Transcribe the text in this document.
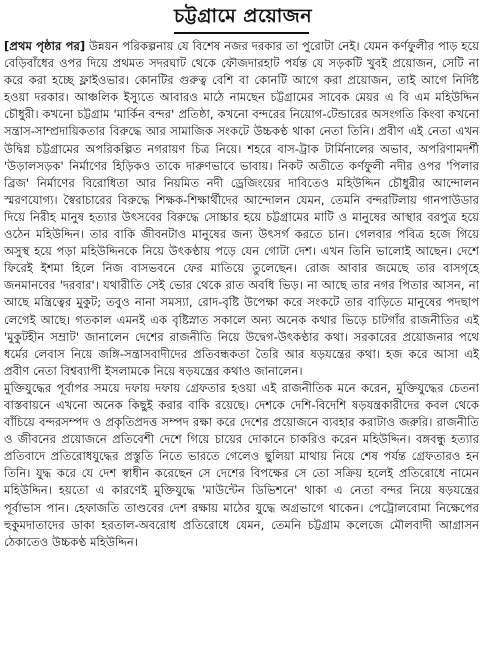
চট্টগ্রামে প্রয়োজন

[প্রথম পৃষ্ঠার পর] উন্নয়ন পরিকল্পনায় যে বিশেষ নজর দরকার তা পুরোটা নেই। যেমন কর্ণফুলীর পাড় হয়ে বেড়িবাঁধের ওপর দিয়ে প্রথমত সদরঘাট থেকে ফৌজদারহাট পর্যন্ত যে সড়কটি খুবই প্রয়োজন, সেটি না করে করা হচ্ছে ফ্লাইওভার। কোনটির গুরুত্ব বেশি বা কোনটি আগে করা প্রয়োজন, তাই আগে নির্দিষ্ট হওয়া দরকার। আঞ্চলিক ইস্যুতে আবারও মাঠে নামছেন চট্টগ্রামের সাবেক মেয়র এ বি এম মহিউদ্দিন চৌধুরী। কখনো চট্টগ্রাম 'মার্কিন বন্দর' প্রতিষ্ঠা, কখনো বন্দরের নিয়োগ-টেন্ডারের অসংগতি কিংবা কখনো সন্ত্রাস-সাম্প্রদায়িকতার বিরুদ্ধে আর সামাজিক সংকটে উচ্চকণ্ঠ থাকা নেতা তিনি। প্রবীণ এই নেতা এখন উদ্বিগ্ন চট্টগ্রামের অপরিকল্পিত নগরায়ণ চিত্র নিয়ে। শহরে বাস-ট্রাক টার্মিনালের অভাব, অপরিণামদর্শী 'উড়ালসড়ক' নির্মাণের হিড়িকও তাকে দারুণভাবে ভাবায়। নিকট অতীতে কর্ণফুলী নদীর ওপর 'পিলার ব্রিজ' নির্মাণের বিরোধিতা আর নিয়মিত নদী ড্রেজিংয়ের দাবিতেও মহিউদ্দিন চৌধুরীর আন্দোলন স্মরণযোগ্য। স্বৈরাচারের বিরুদ্ধে শিক্ষক-শিক্ষার্থীদের আন্দোলন যেমন, তেমনি বন্দরটিলায় গানপাউডার দিয়ে নিরীহ মানুষ হত্যার উৎসবের বিরুদ্ধে সোচ্চার হয়ে চট্টগ্রামের মাটি ও মানুষের আস্থার বরপুত্র হয়ে ওঠেন মহিউদ্দিন। তার বাকি জীবনটাও মানুষের জন্য উৎসর্গ করতে চান। গেলবার পবিত্র হজে গিয়ে অসুস্থ হয়ে পড়া মহিউদ্দিনকে নিয়ে উৎকণ্ঠায় পড়ে যেন গোটা দেশ। এখন তিনি ভালোই আছেন। দেশে ফিরেই ইশমা হিলে নিজ বাসভবনে ফের মাতিয়ে তুলেছেন। রোজ আবার জমেছে তার বাসগৃহে জনমানবের 'দরবার'। যথারীতি সেই ভোর থেকে রাত অবধি ভিড়। না আছে তার নগর পিতার আসন, না আছে মন্ত্রিত্বের মুকুট; তবুও নানা সমস্যা, রোদ-বৃষ্টি উপেক্ষা করে সংকটে তার বাড়িতে মানুষের পদছাপ লেগেই আছে। গতকাল এমনই এক বৃষ্টিস্নাত সকালে অন্য অনেক কথার ভিড়ে চাটগাঁর রাজনীতির এই 'মুকুটহীন সম্রাট' জানালেন দেশের রাজনীতি নিয়ে উদ্বেগ-উৎকণ্ঠার কথা। সরকারের প্রয়োজনার পথে ধর্মের লেবাস নিয়ে জঙ্গি-সন্ত্রাসবাদীদের প্রতিবন্ধকতা তৈরি আর ষড়যন্ত্রের কথা। হজ করে আসা এই প্রবীণ নেতা বিশ্বব্যাপী ইসলামকে নিয়ে ষড়যন্ত্রের কথাও জানালেন।

মুক্তিযুদ্ধের পূর্বাপর সময়ে দফায় দফায় গ্রেফতার হওয়া এই রাজনীতিক মনে করেন, মুক্তিযুদ্ধের চেতনা বাস্তবায়নে এখনো অনেক কিছুই করার বাকি রয়েছে। দেশকে দেশি-বিদেশি ষড়যন্ত্রকারীদের কবল থেকে বাঁচিয়ে বন্দরসম্পদ ও প্রকৃতিপ্রদত্ত সম্পদ রক্ষা করে দেশের প্রয়োজনে ব্যবহার করাটাও জরুরি। রাজনীতি ও জীবনের প্রয়োজনে প্রতিবেশী দেশে গিয়ে চায়ের দোকানে চাকরিও করেন মহিউদ্দিন। বঙ্গবন্ধু হত্যার প্রতিবাদে প্রতিরোধযুদ্ধের প্রস্তুতি নিতে ভারতে গেলেও ছুলিয়া মাথায় নিয়ে শেষ পর্যন্ত গ্রেফতারও হন তিনি। যুদ্ধ করে যে দেশ স্বাধীন করেছেন সে দেশের বিপক্ষের সে তো সক্রিয় হলেই প্রতিরোধে নামেন মহিউদ্দিন। হয়তো এ কারণেই মুক্তিযুদ্ধে 'মাউন্টেন ডিভিশনে' থাকা এ নেতা বন্দর নিয়ে ষড়যন্ত্রের পূর্বাভাস পান। হেফাজতি তাণ্ডবের দেশ রক্ষায় মাঠের যুদ্ধে অগ্রভাগে থাকেন। পেট্রোলবোমা নিক্ষেপের হুকুমদাতাদের ডাকা হরতাল-অবরোধ প্রতিরোধে যেমন, তেমনি চট্টগ্রাম কলেজে মৌলবাদী আগ্রাসন ঠেকাতেও উচ্চকণ্ঠ মহিউদ্দিন।
